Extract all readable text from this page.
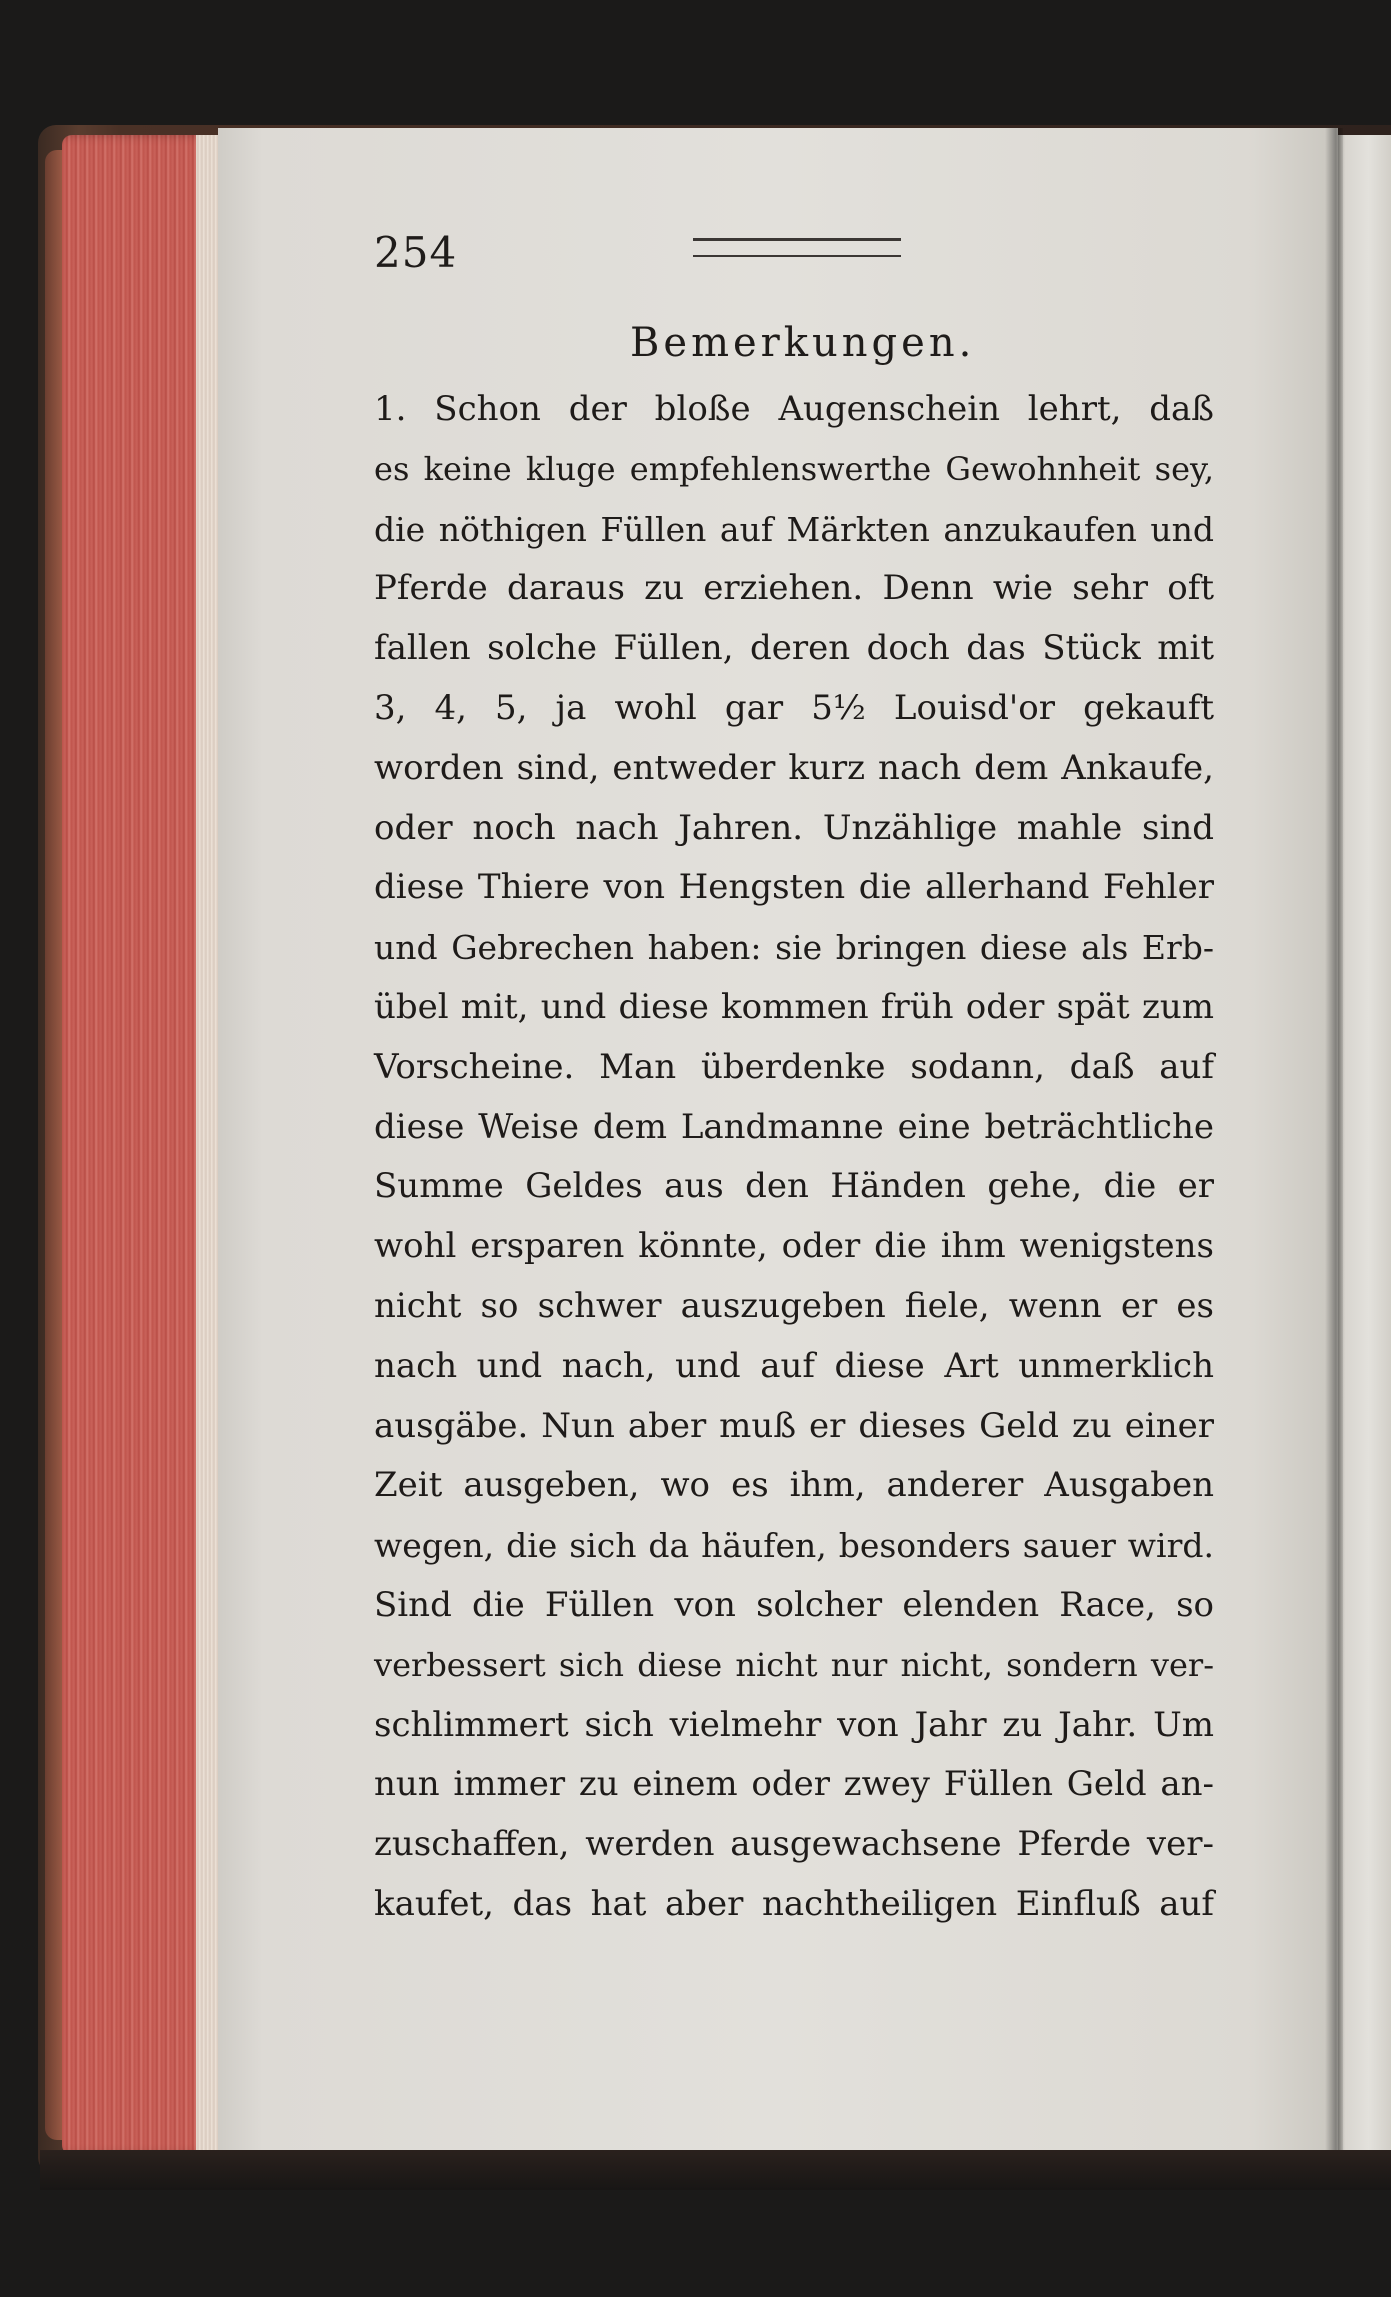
254
Bemerkungen.
1. Schon der bloße Augenschein lehrt, daß
es keine kluge empfehlenswerthe Gewohnheit sey,
die nöthigen Füllen auf Märkten anzukaufen und
Pferde daraus zu erziehen. Denn wie sehr oft
fallen solche Füllen, deren doch das Stück mit
3, 4, 5, ja wohl gar 5½ Louisd'or gekauft
worden sind, entweder kurz nach dem Ankaufe,
oder noch nach Jahren. Unzählige mahle sind
diese Thiere von Hengsten die allerhand Fehler
und Gebrechen haben: sie bringen diese als Erb-
übel mit, und diese kommen früh oder spät zum
Vorscheine. Man überdenke sodann, daß auf
diese Weise dem Landmanne eine beträchtliche
Summe Geldes aus den Händen gehe, die er
wohl ersparen könnte, oder die ihm wenigstens
nicht so schwer auszugeben fiele, wenn er es
nach und nach, und auf diese Art unmerklich
ausgäbe. Nun aber muß er dieses Geld zu einer
Zeit ausgeben, wo es ihm, anderer Ausgaben
wegen, die sich da häufen, besonders sauer wird.
Sind die Füllen von solcher elenden Race, so
verbessert sich diese nicht nur nicht, sondern ver-
schlimmert sich vielmehr von Jahr zu Jahr. Um
nun immer zu einem oder zwey Füllen Geld an-
zuschaffen, werden ausgewachsene Pferde ver-
kaufet, das hat aber nachtheiligen Einfluß auf
